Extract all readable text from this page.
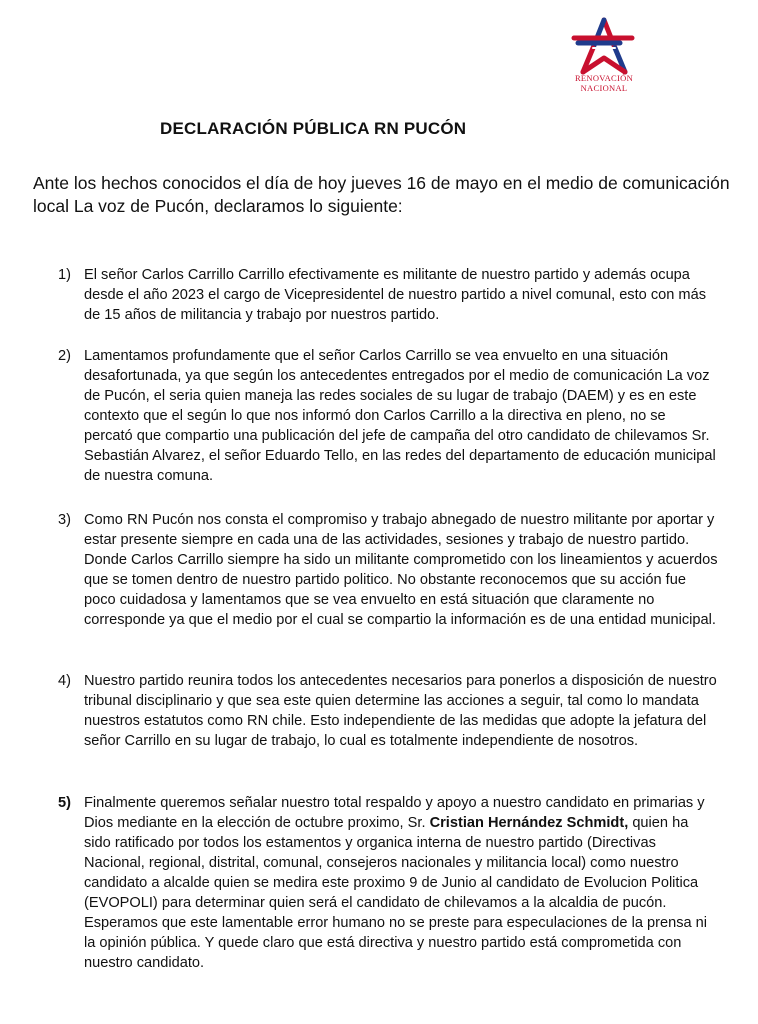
RENOVACIÓN
NACIONAL
DECLARACIÓN PÚBLICA RN PUCÓN
Ante los hechos conocidos el día de hoy jueves 16 de mayo en el medio de comunicación local La voz de Pucón, declaramos lo siguiente:
1) El señor Carlos Carrillo Carrillo efectivamente es militante de nuestro partido y además ocupa desde el año 2023 el cargo de Vicepresidentel de nuestro partido a nivel comunal, esto con más de 15 años de militancia y trabajo por nuestros partido.
2) Lamentamos profundamente que el señor Carlos Carrillo se vea envuelto en una situación desafortunada, ya que según los antecedentes entregados por el medio de comunicación La voz de Pucón, el seria quien maneja las redes sociales de su lugar de trabajo (DAEM) y es en este contexto que el según lo que nos informó don Carlos Carrillo a la directiva en pleno, no se percató que compartio una publicación del jefe de campaña del otro candidato de chilevamos Sr. Sebastián Alvarez, el señor Eduardo Tello, en las redes del departamento de educación municipal de nuestra comuna.
3) Como RN Pucón nos consta el compromiso y trabajo abnegado de nuestro militante por aportar y estar presente siempre en cada una de las actividades, sesiones y trabajo de nuestro partido. Donde Carlos Carrillo siempre ha sido un militante comprometido con los lineamientos y acuerdos que se tomen dentro de nuestro partido politico. No obstante reconocemos que su acción fue poco cuidadosa y lamentamos que se vea envuelto en está situación que claramente no corresponde ya que el medio por el cual se compartio la información es de una entidad municipal.
4) Nuestro partido reunira todos los antecedentes necesarios para ponerlos a disposición de nuestro tribunal disciplinario y que sea este quien determine las acciones a seguir, tal como lo mandata nuestros estatutos como RN chile. Esto independiente de las medidas que adopte la jefatura del señor Carrillo en su lugar de trabajo, lo cual es totalmente independiente de nosotros.
5) Finalmente queremos señalar nuestro total respaldo y apoyo a nuestro candidato en primarias y Dios mediante en la elección de octubre proximo, Sr. Cristian Hernández Schmidt, quien ha sido ratificado por todos los estamentos y organica interna de nuestro partido (Directivas Nacional, regional, distrital, comunal, consejeros nacionales y militancia local) como nuestro candidato a alcalde quien se medira este proximo 9 de Junio al candidato de Evolucion Politica (EVOPOLI) para determinar quien será el candidato de chilevamos a la alcaldia de pucón. Esperamos que este lamentable error humano no se preste para especulaciones de la prensa ni la opinión pública. Y quede claro que está directiva y nuestro partido está comprometida con nuestro candidato.
